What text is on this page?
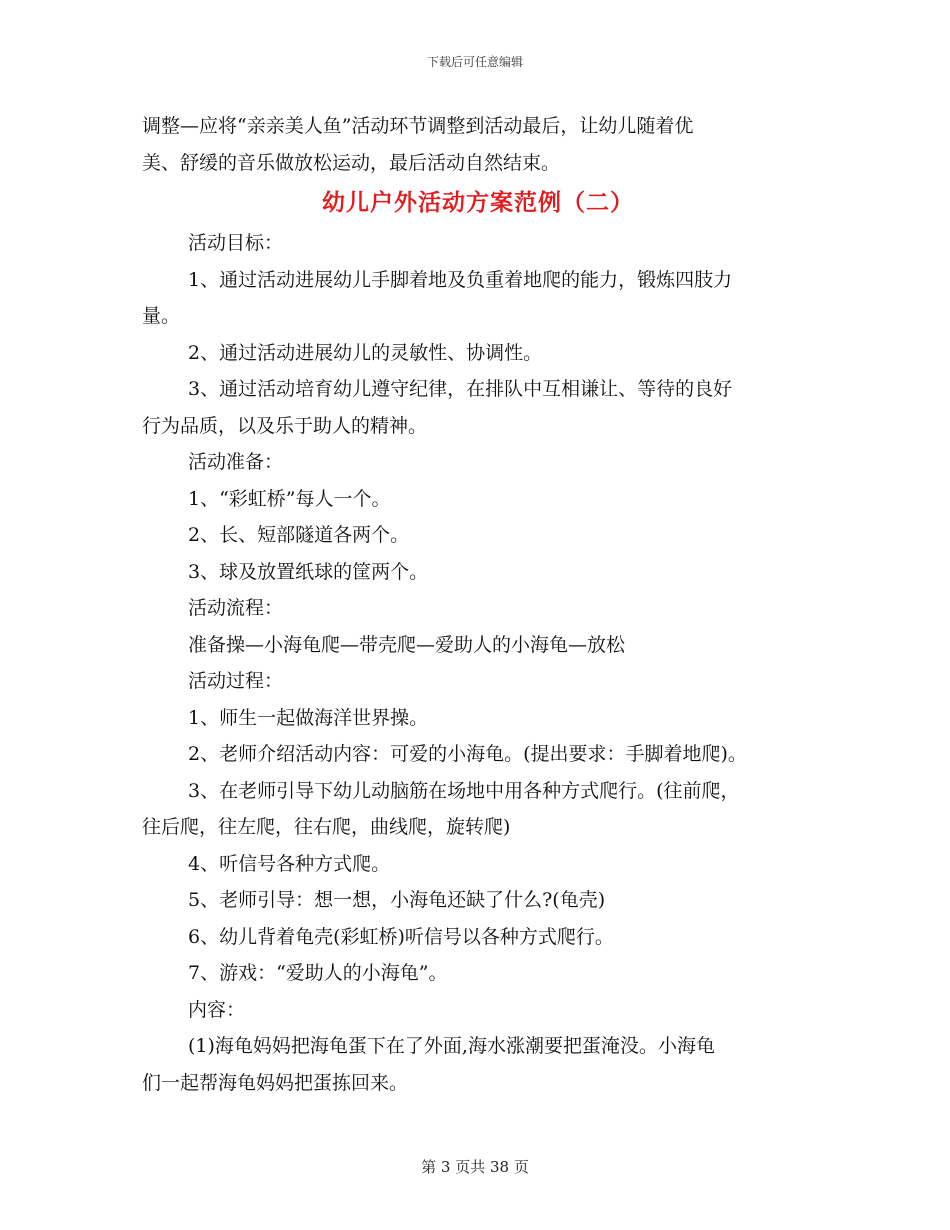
下载后可任意编辑

调整—应将“亲亲美人鱼”活动环节调整到活动最后，让幼儿随着优

美、舒缓的音乐做放松运动，最后活动自然结束。

幼儿户外活动方案范例（二）

活动目标：

1、通过活动进展幼儿手脚着地及负重着地爬的能力，锻炼四肢力

量。

2、通过活动进展幼儿的灵敏性、协调性。

3、通过活动培育幼儿遵守纪律，在排队中互相谦让、等待的良好

行为品质，以及乐于助人的精神。

活动准备：

1、“彩虹桥”每人一个。

2、长、短部隧道各两个。

3、球及放置纸球的筐两个。

活动流程：

准备操—小海龟爬—带壳爬—爱助人的小海龟—放松

活动过程：

1、师生一起做海洋世界操。

2、老师介绍活动内容：可爱的小海龟。(提出要求：手脚着地爬)。

3、在老师引导下幼儿动脑筋在场地中用各种方式爬行。(往前爬，

往后爬，往左爬，往右爬，曲线爬，旋转爬)

4、听信号各种方式爬。

5、老师引导：想一想，小海龟还缺了什么?(龟壳)

6、幼儿背着龟壳(彩虹桥)听信号以各种方式爬行。

7、游戏：“爱助人的小海龟”。

内容：

(1)海龟妈妈把海龟蛋下在了外面,海水涨潮要把蛋淹没。小海龟

们一起帮海龟妈妈把蛋拣回来。

第 3 页共 38 页
